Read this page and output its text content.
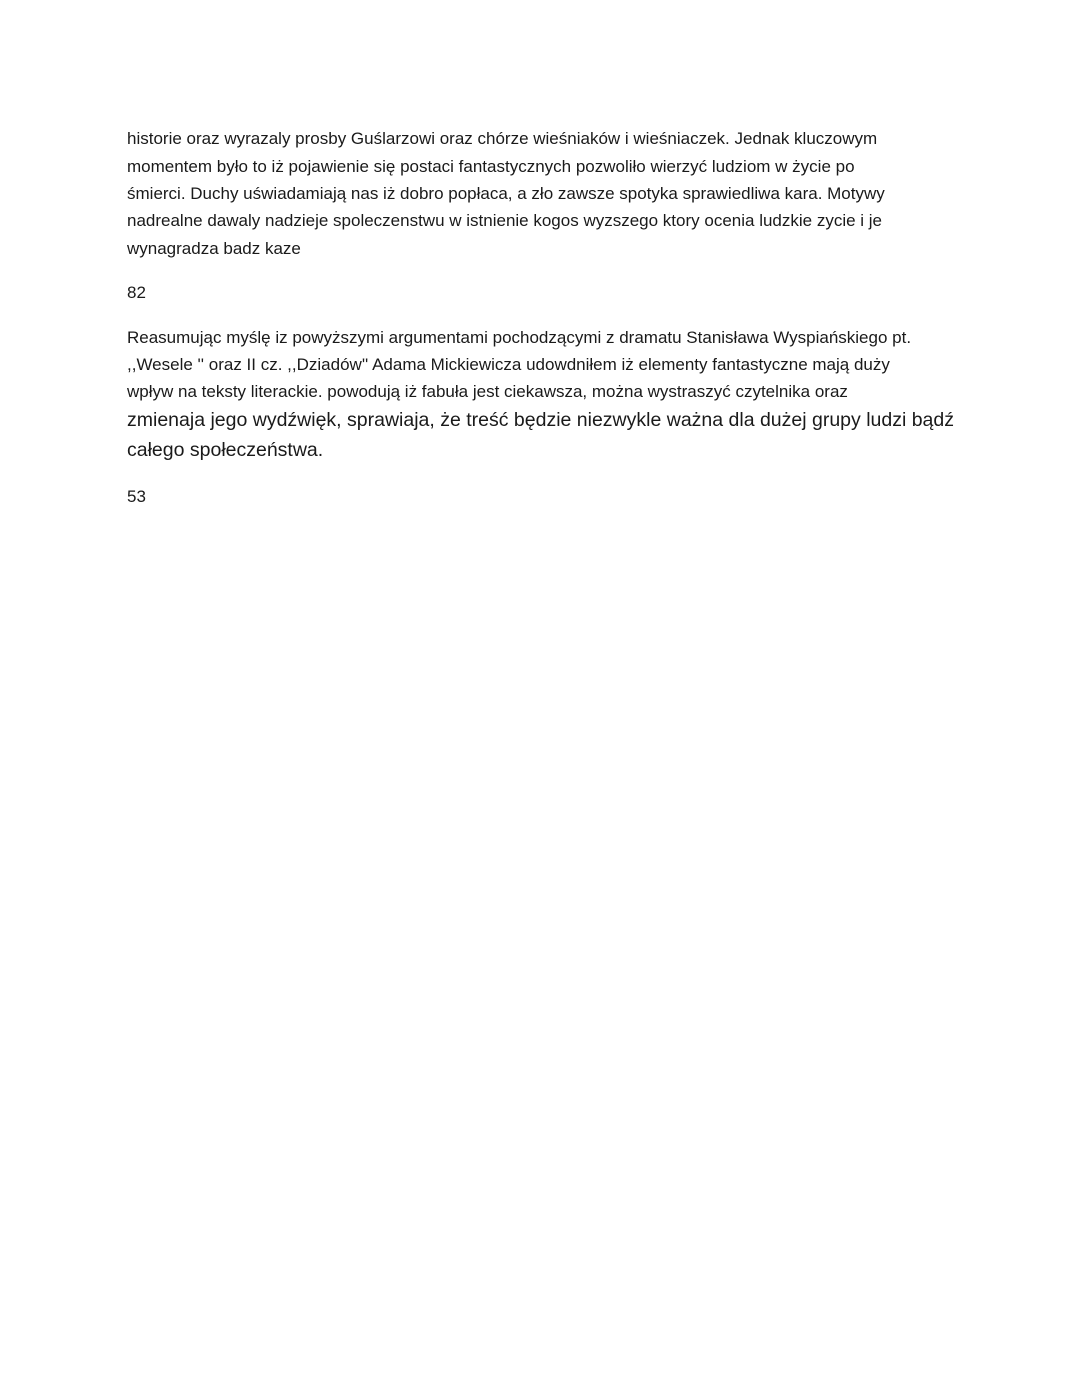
historie oraz wyrazaly prosby Guślarzowi oraz chórze wieśniaków i wieśniaczek. Jednak kluczowym
momentem było to iż pojawienie się postaci fantastycznych pozwoliło wierzyć ludziom w życie po
śmierci. Duchy uświadamiają nas iż dobro popłaca, a zło zawsze spotyka sprawiedliwa kara. Motywy
nadrealne dawaly nadzieje spoleczenstwu w istnienie kogos wyzszego ktory ocenia ludzkie zycie i je
wynagradza badz kaze
82
Reasumując myślę iz powyższymi argumentami pochodzącymi z dramatu Stanisława Wyspiańskiego pt.
,,Wesele '' oraz II cz. ,,Dziadów'' Adama Mickiewicza udowdniłem iż elementy fantastyczne mają duży
wpływ na teksty literackie. powodują iż fabuła jest ciekawsza, można wystraszyć czytelnika oraz
zmienaja jego wydźwięk, sprawiaja, że treść będzie niezwykle ważna dla dużej grupy ludzi bądź
całego społeczeństwa.
53
